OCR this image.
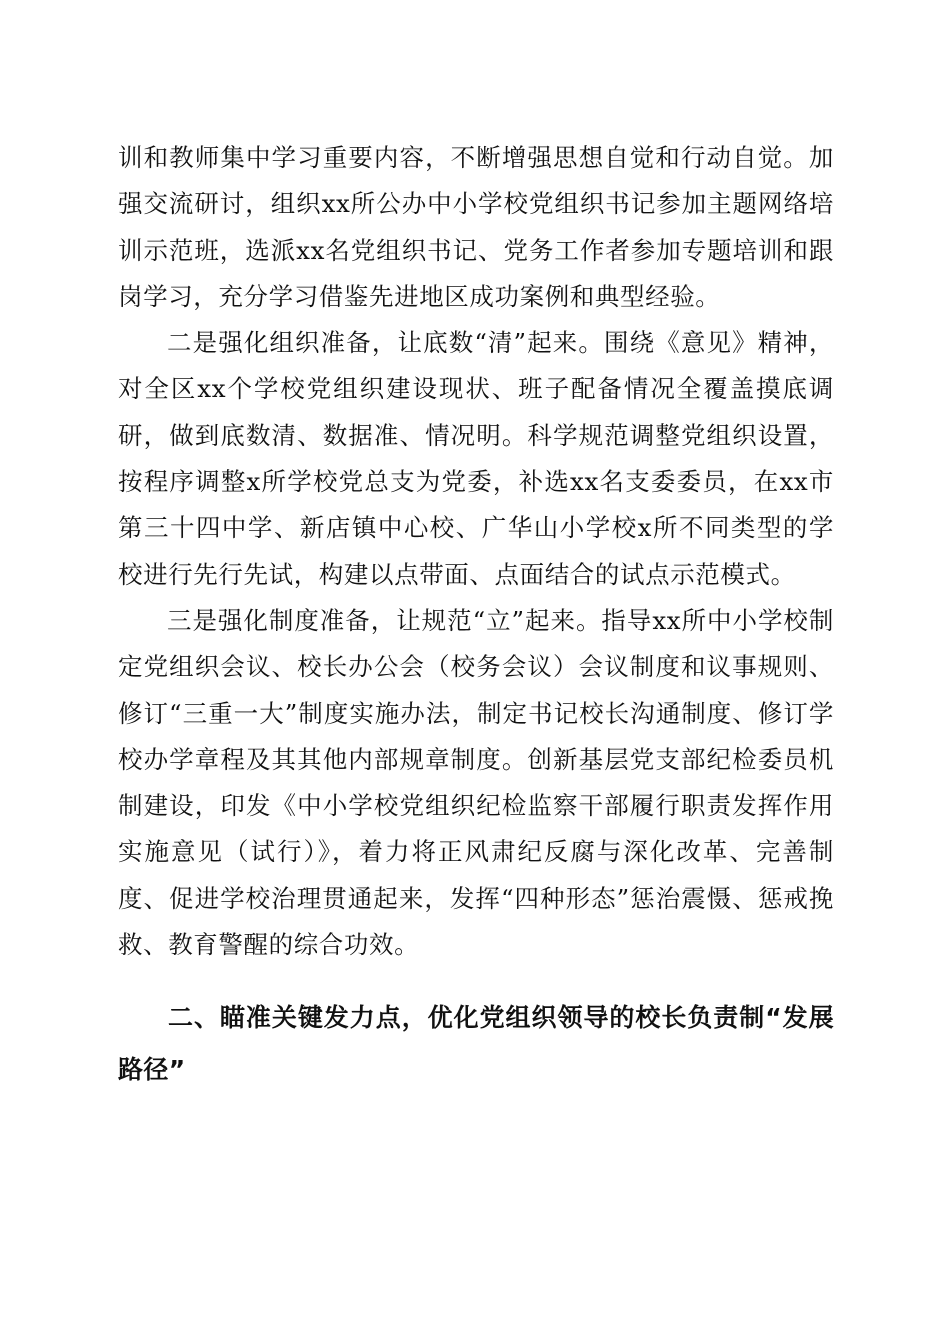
训和教师集中学习重要内容，不断增强思想自觉和行动自觉。加强交流研讨，组织xx所公办中小学校党组织书记参加主题网络培训示范班，选派xx名党组织书记、党务工作者参加专题培训和跟岗学习，充分学习借鉴先进地区成功案例和典型经验。

二是强化组织准备，让底数“清”起来。围绕《意见》精神，对全区xx个学校党组织建设现状、班子配备情况全覆盖摸底调研，做到底数清、数据准、情况明。科学规范调整党组织设置，按程序调整x所学校党总支为党委，补选xx名支委委员，在xx市第三十四中学、新店镇中心校、广华山小学校x所不同类型的学校进行先行先试，构建以点带面、点面结合的试点示范模式。

三是强化制度准备，让规范“立”起来。指导xx所中小学校制定党组织会议、校长办公会（校务会议）会议制度和议事规则、修订“三重一大”制度实施办法，制定书记校长沟通制度、修订学校办学章程及其其他内部规章制度。创新基层党支部纪检委员机制建设，印发《中小学校党组织纪检监察干部履行职责发挥作用实施意见（试行）》，着力将正风肃纪反腐与深化改革、完善制度、促进学校治理贯通起来，发挥“四种形态”惩治震慑、惩戒挽救、教育警醒的综合功效。

二、瞄准关键发力点，优化党组织领导的校长负责制“发展路径”
